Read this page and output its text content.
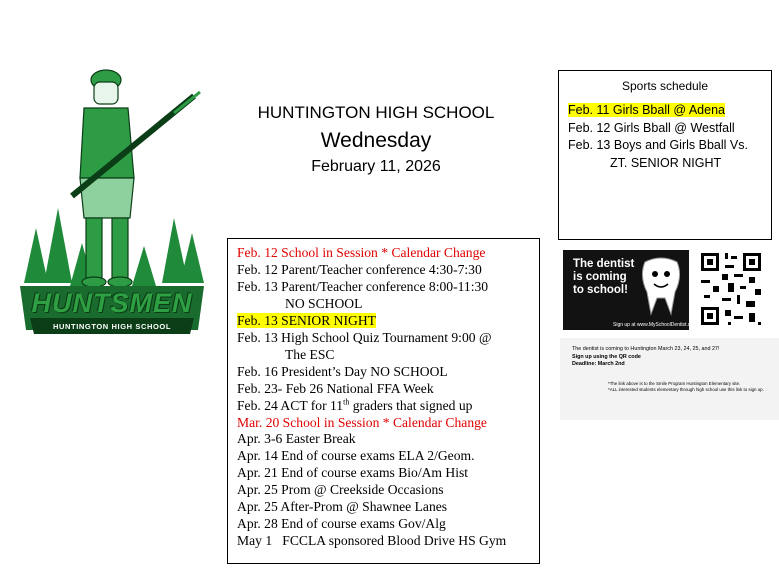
HUNTSMEN
HUNTINGTON HIGH SCHOOL
HUNTINGTON HIGH SCHOOL
Wednesday
February 11, 2026
Sports schedule
Feb. 11 Girls Bball @ Adena
Feb. 12 Girls Bball @ Westfall
Feb. 13 Boys and Girls Bball Vs.
ZT. SENIOR NIGHT
Feb. 12 School in Session * Calendar Change
Feb. 12 Parent/Teacher conference 4:30-7:30
Feb. 13 Parent/Teacher conference 8:00-11:30
NO SCHOOL
Feb. 13 SENIOR NIGHT
Feb. 13 High School Quiz Tournament 9:00 @
The ESC
Feb. 16 President’s Day NO SCHOOL
Feb. 23- Feb 26 National FFA Week
Feb. 24 ACT for 11th graders that signed up
Mar. 20 School in Session * Calendar Change
Apr. 3-6 Easter Break
Apr. 14 End of course exams ELA 2/Geom.
Apr. 21 End of course exams Bio/Am Hist
Apr. 25 Prom @ Creekside Occasions
Apr. 25 After-Prom @ Shawnee Lanes
Apr. 28 End of course exams Gov/Alg
May 1   FCCLA sponsored Blood Drive HS Gym
The dentist is coming to school!
Sign up at www.MySchoolDentist.com
The dentist is coming to Huntington March 23, 24, 25, and 27!
Sign up using the QR code
Deadline: March 2nd
*The link above is to the Smile Program Huntington Elementary site.
*ALL interested students elementary through high school use this link to sign up.
